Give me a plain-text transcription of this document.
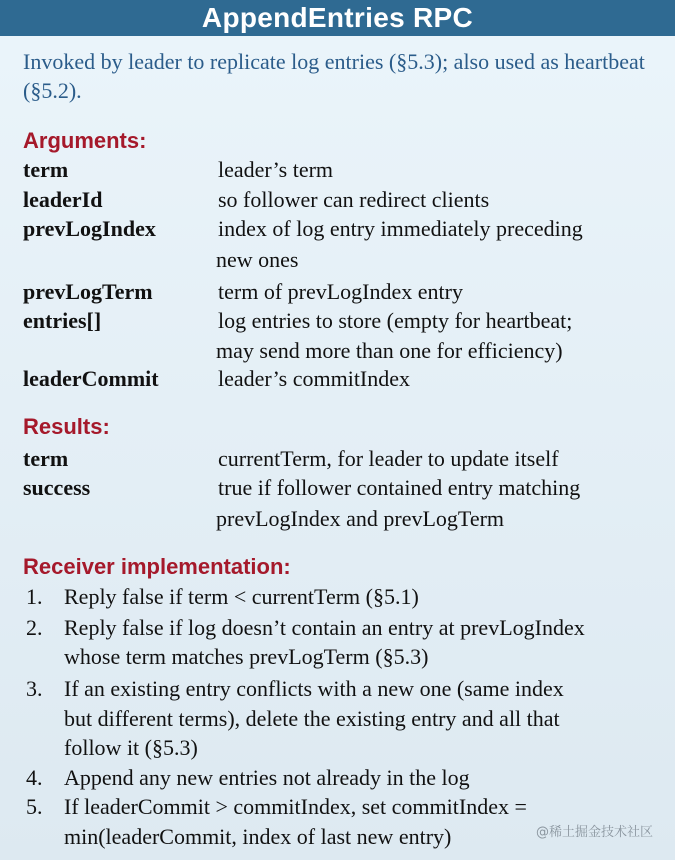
AppendEntries RPC
Invoked by leader to replicate log entries (§5.3); also used as heartbeat (§5.2).
Arguments:
term	leader’s term
leaderId	so follower can redirect clients
prevLogIndex	index of log entry immediately preceding
new ones
prevLogTerm	term of prevLogIndex entry
entries[]	log entries to store (empty for heartbeat;
may send more than one for efficiency)
leaderCommit	leader’s commitIndex
Results:
term	currentTerm, for leader to update itself
success	true if follower contained entry matching
prevLogIndex and prevLogTerm
Receiver implementation:
1. Reply false if term < currentTerm (§5.1)
2. Reply false if log doesn’t contain an entry at prevLogIndex
whose term matches prevLogTerm (§5.3)
3. If an existing entry conflicts with a new one (same index
but different terms), delete the existing entry and all that
follow it (§5.3)
4. Append any new entries not already in the log
5. If leaderCommit > commitIndex, set commitIndex =
min(leaderCommit, index of last new entry)	@稀土掘金技术社区
